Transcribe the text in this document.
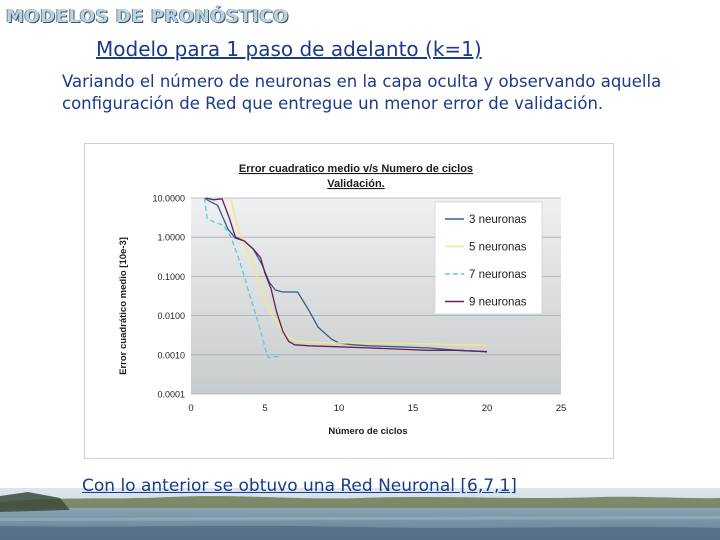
MODELOS DE PRONÓSTICO
Modelo para 1 paso de adelanto (k=1)
Variando el número de neuronas en la capa oculta y observando aquella configuración de Red que entregue un menor error de validación.
Error cuadratico medio v/s Numero de ciclos
Validación.
10.0000
1.0000
0.1000
0.0100
0.0010
0.0001
0	5	10	15	20	25
3 neuronas
5 neuronas
7 neuronas
9 neuronas
Error cuadrático medio [10e-3]
Número de ciclos
Con lo anterior se obtuvo una Red Neuronal [6,7,1]
